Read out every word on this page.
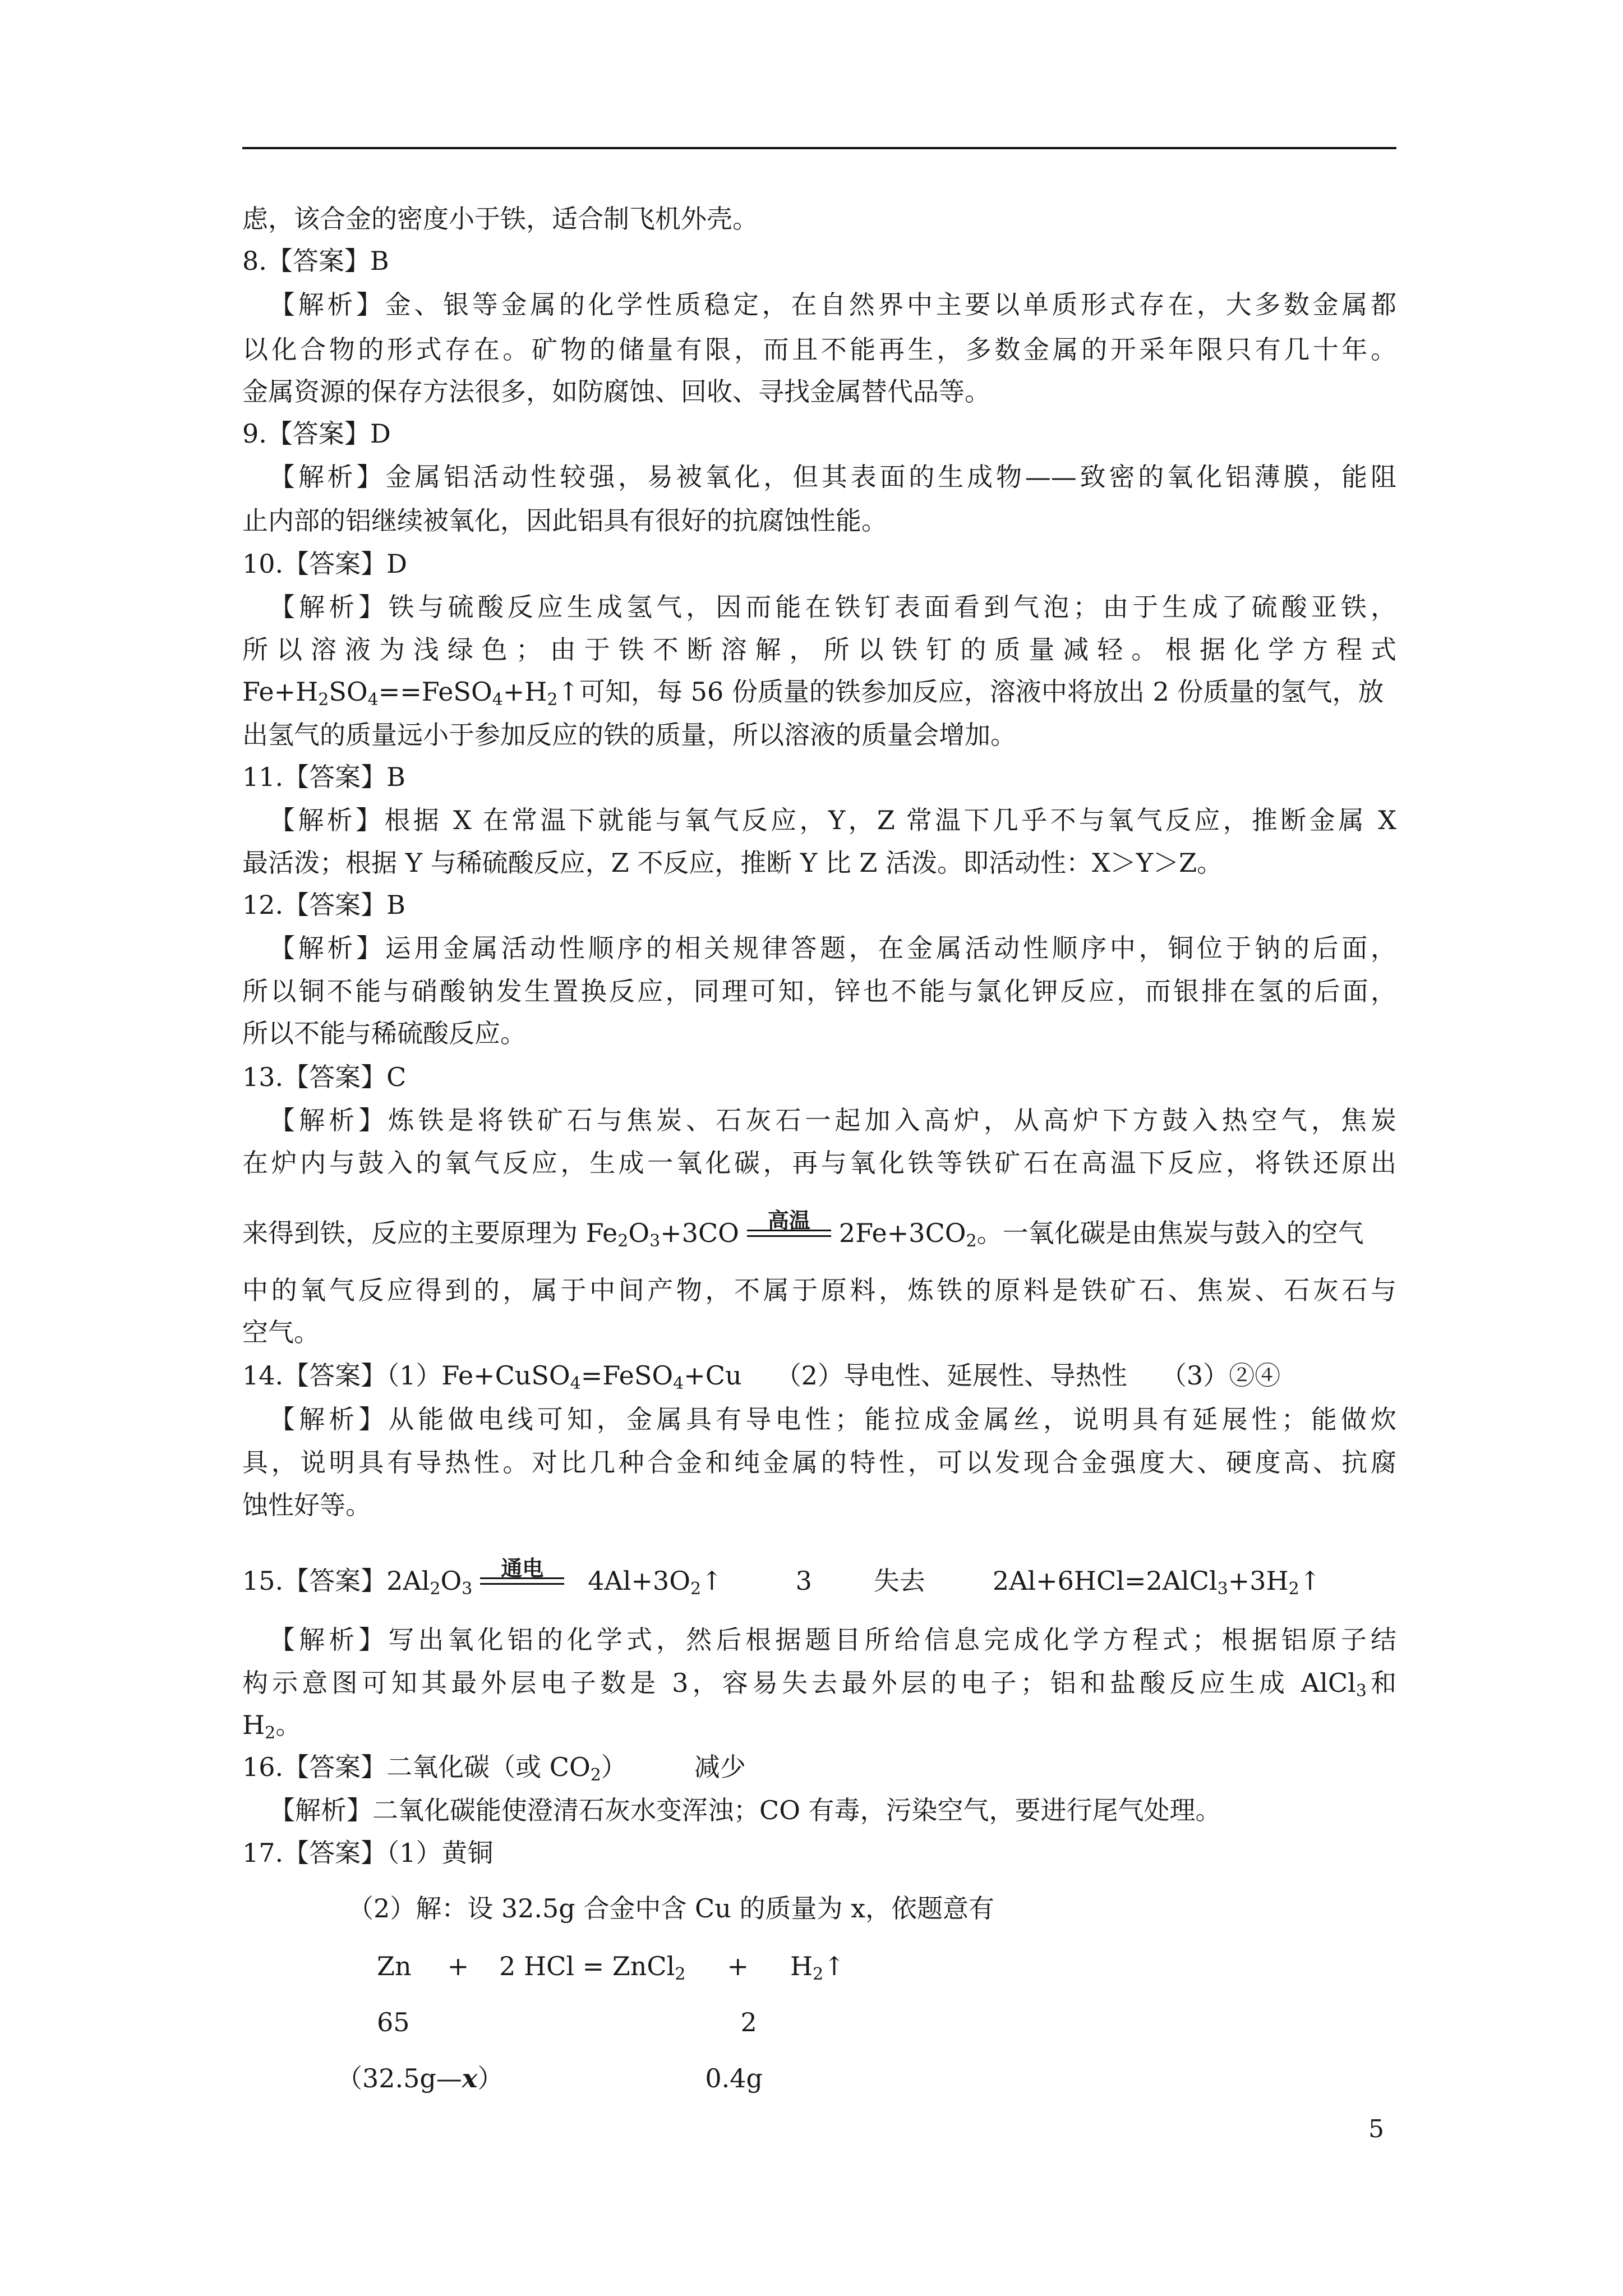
虑，该合金的密度小于铁，适合制飞机外壳。
8.【答案】B
【解析】金、银等金属的化学性质稳定，在自然界中主要以单质形式存在，大多数金属都
以化合物的形式存在。矿物的储量有限，而且不能再生，多数金属的开采年限只有几十年。
金属资源的保存方法很多，如防腐蚀、回收、寻找金属替代品等。
9.【答案】D
【解析】金属铝活动性较强，易被氧化，但其表面的生成物——致密的氧化铝薄膜，能阻
止内部的铝继续被氧化，因此铝具有很好的抗腐蚀性能。
10.【答案】D
【解析】铁与硫酸反应生成氢气，因而能在铁钉表面看到气泡；由于生成了硫酸亚铁，
所以溶液为浅绿色；由于铁不断溶解，所以铁钉的质量减轻。根据化学方程式
$Fe+H_2SO_4==FeSO_4+H_2↑$可知，每 56 份质量的铁参加反应，溶液中将放出 2 份质量的氢气，放
出氢气的质量远小于参加反应的铁的质量，所以溶液的质量会增加。
11.【答案】B
【解析】根据 X 在常温下就能与氧气反应，Y，Z 常温下几乎不与氧气反应，推断金属 X
最活泼；根据 Y 与稀硫酸反应，Z 不反应，推断 Y 比 Z 活泼。即活动性：X＞Y＞Z。
12.【答案】B
【解析】运用金属活动性顺序的相关规律答题，在金属活动性顺序中，铜位于钠的后面，
所以铜不能与硝酸钠发生置换反应，同理可知，锌也不能与氯化钾反应，而银排在氢的后面，
所以不能与稀硫酸反应。
13.【答案】C
【解析】炼铁是将铁矿石与焦炭、石灰石一起加入高炉，从高炉下方鼓入热空气，焦炭
在炉内与鼓入的氧气反应，生成一氧化碳，再与氧化铁等铁矿石在高温下反应，将铁还原出
来得到铁，反应的主要原理为 $Fe_2O_3+3CO$	高温	$2Fe+3CO_2$。一氧化碳是由焦炭与鼓入的空气
中的氧气反应得到的，属于中间产物，不属于原料，炼铁的原料是铁矿石、焦炭、石灰石与
空气。
14.【答案】（1）Fe+CuSO$_4$=FeSO$_4$+Cu （2）导电性、延展性、导热性 （3）②④
【解析】从能做电线可知，金属具有导电性；能拉成金属丝，说明具有延展性；能做炊
具，说明具有导热性。对比几种合金和纯金属的特性，可以发现合金强度大、硬度高、抗腐
蚀性好等。
15.【答案】$2Al_2O_3$
通电	$4Al+3O_2↑$	3 失去	$2Al+6HCl=2AlCl_3+3H_2↑$
【解析】写出氧化铝的化学式，然后根据题目所给信息完成化学方程式；根据铝原子结
构示意图可知其最外层电子数是 3，容易失去最外层的电子；铝和盐酸反应生成 AlCl$_3$和
$H_2$。
16.【答案】二氧化碳（或 $CO_2$）	减少
【解析】二氧化碳能使澄清石灰水变浑浊；CO 有毒，污染空气，要进行尾气处理。
17.【答案】（1）黄铜
（2）解：设 32.5g 合金中含 Cu 的质量为 x，依题意有
Zn + 2 HCl = ZnCl$_2$ + $H_2↑$
65	2
（32.5g—x）	0.4g
5
